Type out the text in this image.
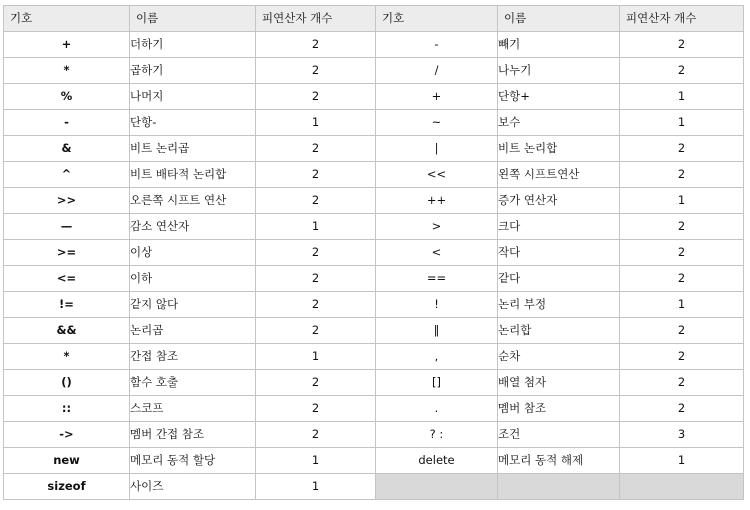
기호	이름	피연산자 개수	기호	이름	피연산자 개수
+	더하기	2	-	빼기	2
*	곱하기	2	/	나누기	2
%	나머지	2	+	단항+	1
-	단항-	1	~	보수	1
&	비트 논리곱	2	|	비트 논리합	2
^	비트 배타적 논리합	2	<<	왼쪽 시프트연산	2
>>	오른쪽 시프트 연산	2	++	증가 연산자	1
—	감소 연산자	1	>	크다	2
>=	이상	2	<	작다	2
<=	이하	2	==	같다	2
!=	같지 않다	2	!	논리 부정	1
&&	논리곱	2	‖	논리합	2
*	간접 참조	1	,	순차	2
()	함수 호출	2	[]	배열 첨자	2
::	스코프	2	.	멤버 참조	2
->	멤버 간접 참조	2	? :	조건	3
new	메모리 동적 할당	1	delete	메모리 동적 해제	1
sizeof	사이즈	1			
